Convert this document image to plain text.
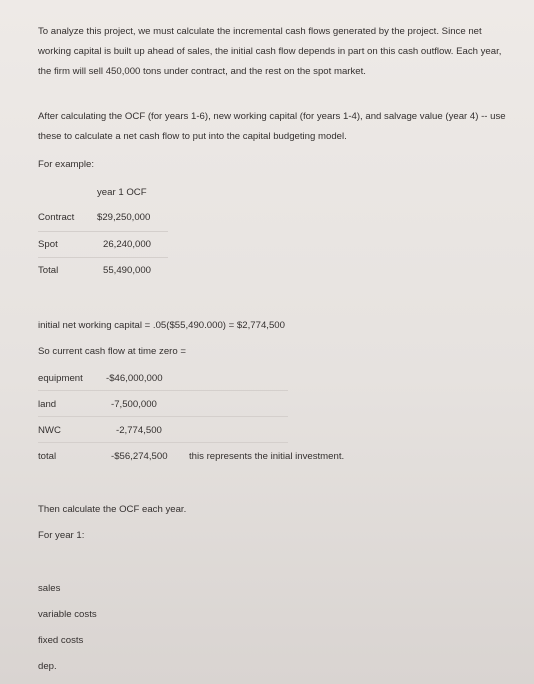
To analyze this project, we must calculate the incremental cash flows generated by the project. Since net working capital is built up ahead of sales, the initial cash flow depends in part on this cash outflow. Each year, the firm will sell 450,000 tons under contract, and the rest on the spot market.
After calculating the OCF (for years 1-6), new working capital (for years 1-4), and salvage value (year 4) -- use these to calculate a net cash flow to put into the capital budgeting model.
For example:
year 1 OCF
Contract $29,250,000
Spot	26,240,000
Total	55,490,000
initial net working capital = .05($55,490.000) = $2,774,500
So current cash flow at time zero =
equipment -$46,000,000
land	-7,500,000
NWC	-2,774,500
total	-$56,274,500 this represents the initial investment.
Then calculate the OCF each year.
For year 1:
sales
variable costs
fixed costs
dep.
